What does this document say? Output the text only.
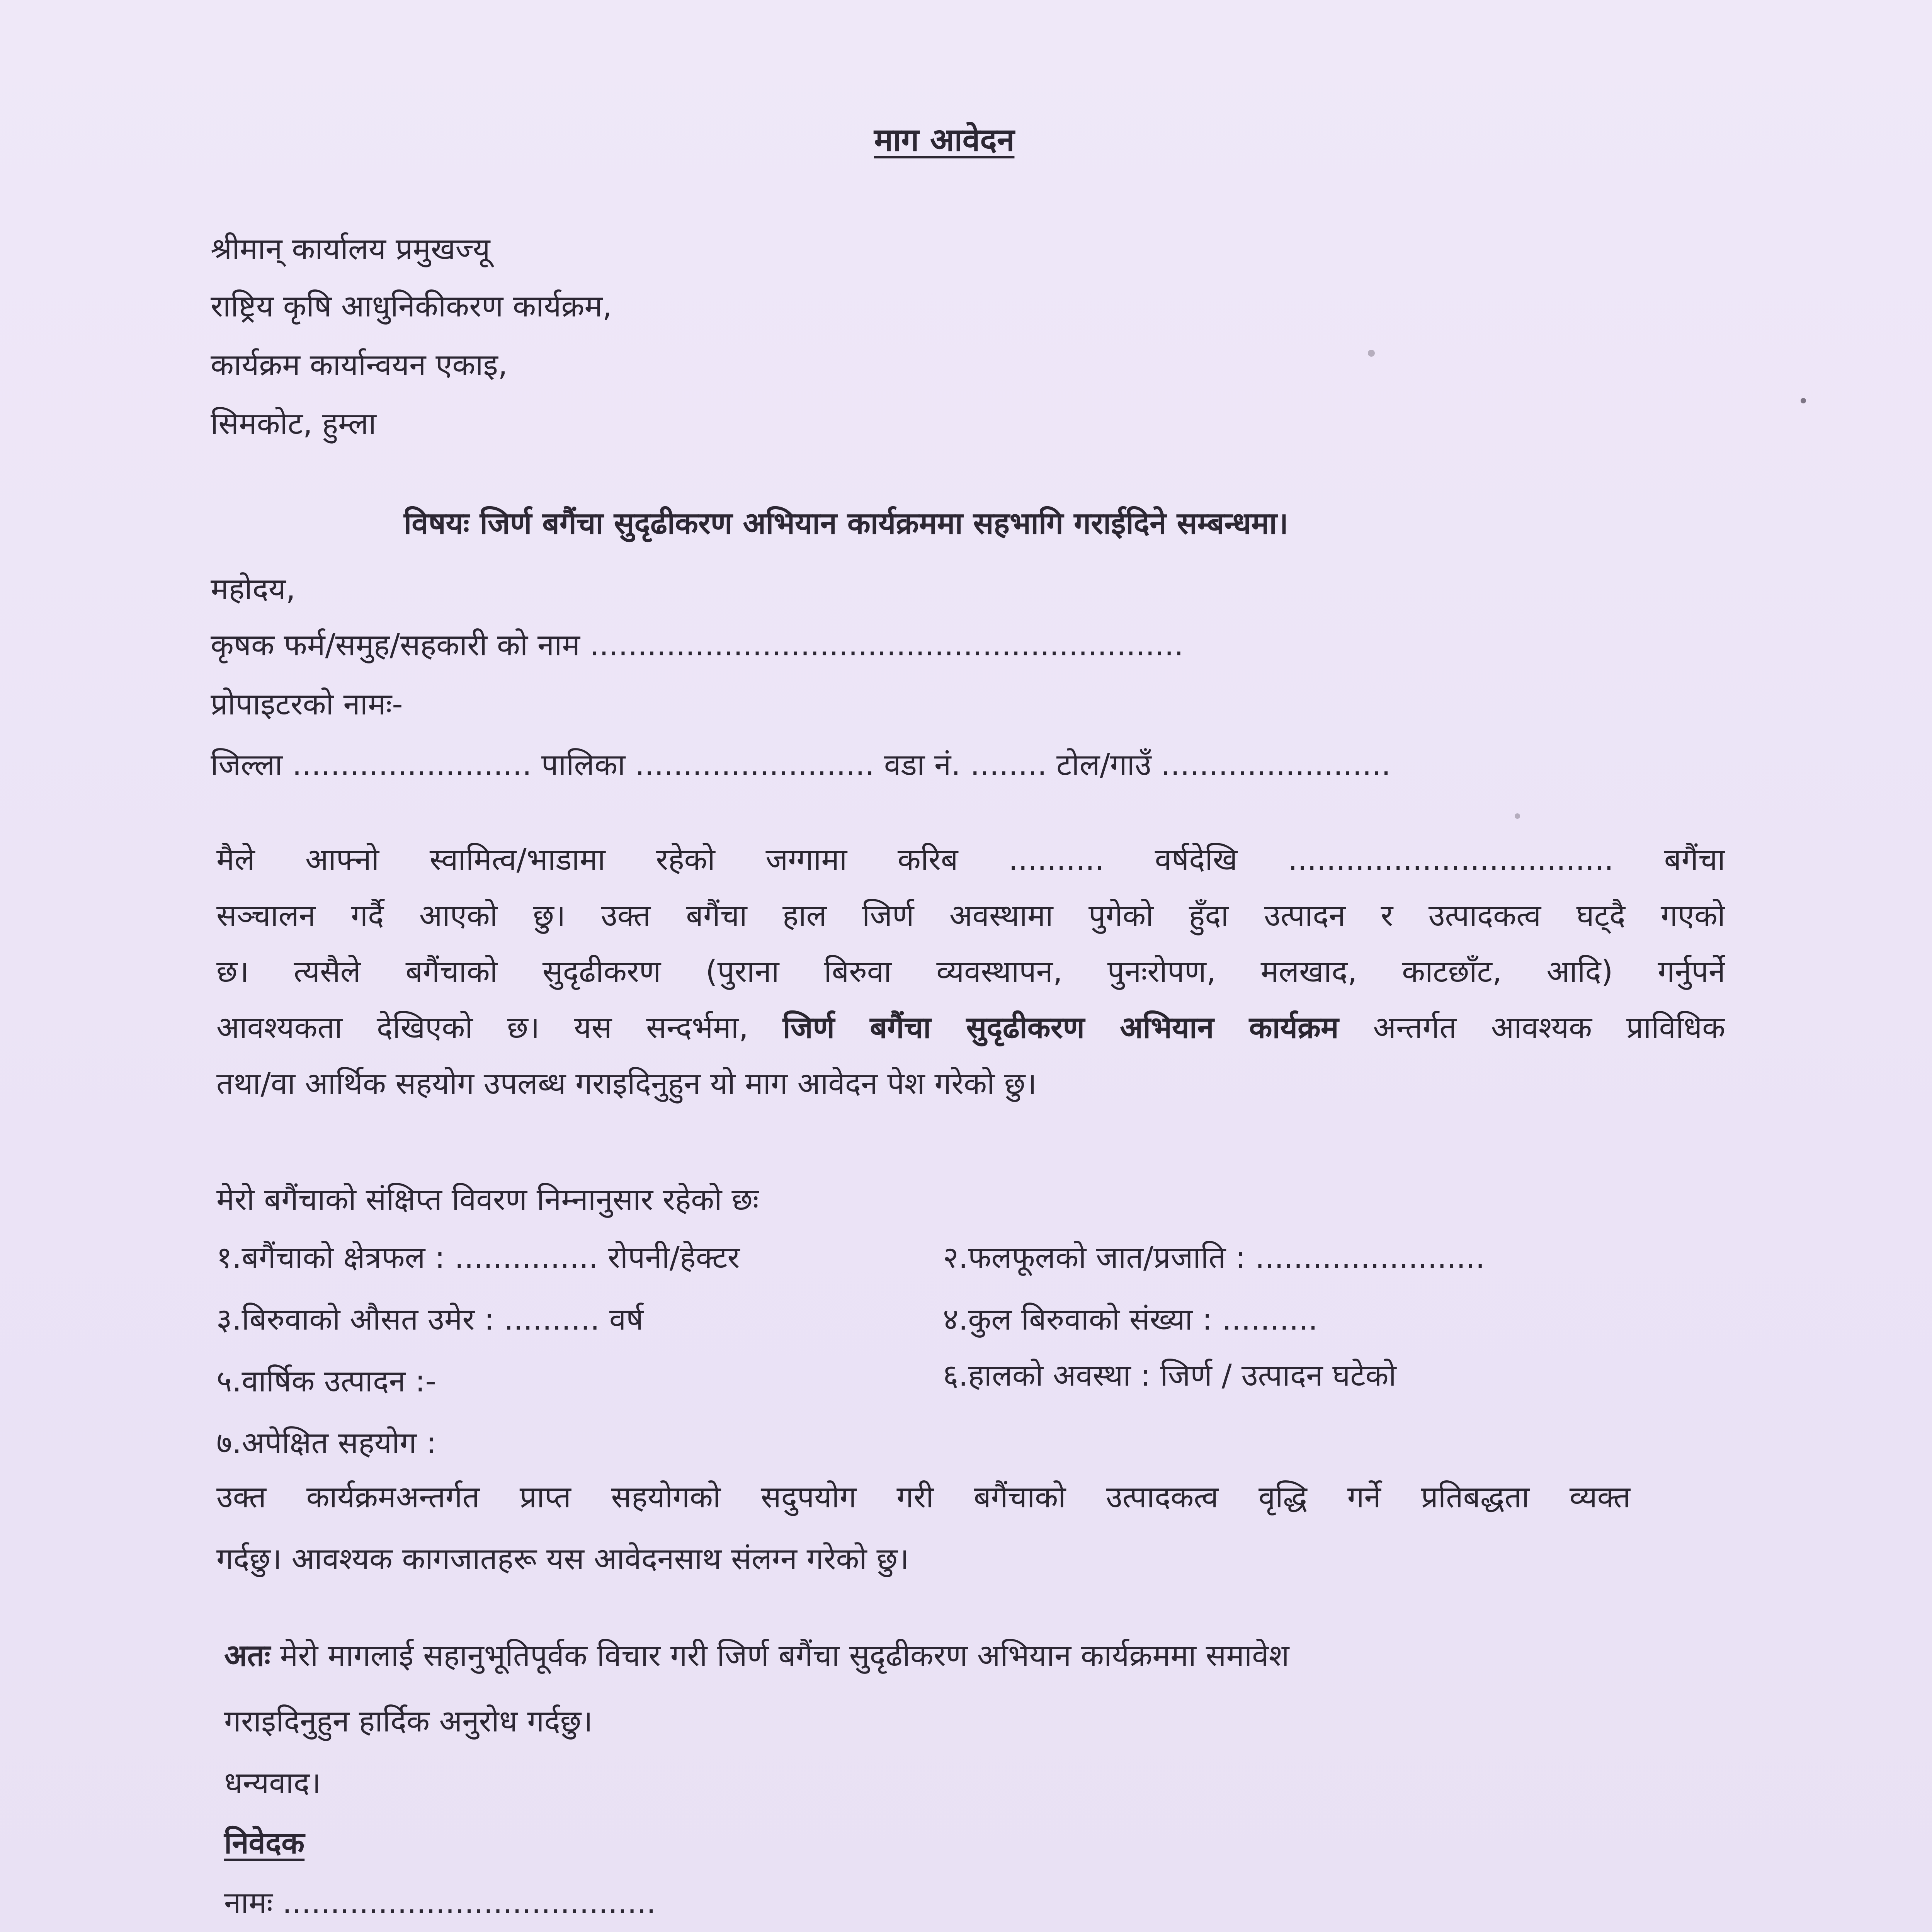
माग आवेदन
श्रीमान् कार्यालय प्रमुखज्यू
राष्ट्रिय कृषि आधुनिकीकरण कार्यक्रम,
कार्यक्रम कार्यान्वयन एकाइ,
सिमकोट, हुम्ला
विषयः जिर्ण बगैंचा सुदृढीकरण अभियान कार्यक्रममा सहभागि गराईदिने सम्बन्धमा।
महोदय,
कृषक फर्म/समुह/सहकारी को नाम ..............................................................
प्रोपाइटरको नामः-
जिल्ला ......................... पालिका ......................... वडा नं. ........ टोल/गाउँ ........................
मैले आफ्नो स्वामित्व/भाडामा रहेको जग्गामा करिब .......... वर्षदेखि .................................. बगैंचा
सञ्चालन गर्दै आएको छु। उक्त बगैंचा हाल जिर्ण अवस्थामा पुगेको हुँदा उत्पादन र उत्पादकत्व घट्दै गएको
छ। त्यसैले बगैंचाको सुदृढीकरण (पुराना बिरुवा व्यवस्थापन, पुनःरोपण, मलखाद, काटछाँट, आदि) गर्नुपर्ने
आवश्यकता देखिएको छ। यस सन्दर्भमा, जिर्ण बगैंचा सुदृढीकरण अभियान कार्यक्रम अन्तर्गत आवश्यक प्राविधिक
तथा/वा आर्थिक सहयोग उपलब्ध गराइदिनुहुन यो माग आवेदन पेश गरेको छु।
मेरो बगैंचाको संक्षिप्त विवरण निम्नानुसार रहेको छः
१.बगैंचाको क्षेत्रफल : ............... रोपनी/हेक्टर	२.फलफूलको जात/प्रजाति : ........................
३.बिरुवाको औसत उमेर : .......... वर्ष	४.कुल बिरुवाको संख्या : ..........
५.वार्षिक उत्पादन :-	६.हालको अवस्था : जिर्ण / उत्पादन घटेको
७.अपेक्षित सहयोग :
उक्त कार्यक्रमअन्तर्गत प्राप्त सहयोगको सदुपयोग गरी बगैंचाको उत्पादकत्व वृद्धि गर्ने प्रतिबद्धता व्यक्त
गर्दछु। आवश्यक कागजातहरू यस आवेदनसाथ संलग्न गरेको छु।
अतः मेरो मागलाई सहानुभूतिपूर्वक विचार गरी जिर्ण बगैंचा सुदृढीकरण अभियान कार्यक्रममा समावेश
गराइदिनुहुन हार्दिक अनुरोध गर्दछु।
धन्यवाद।
निवेदक
नामः .......................................
